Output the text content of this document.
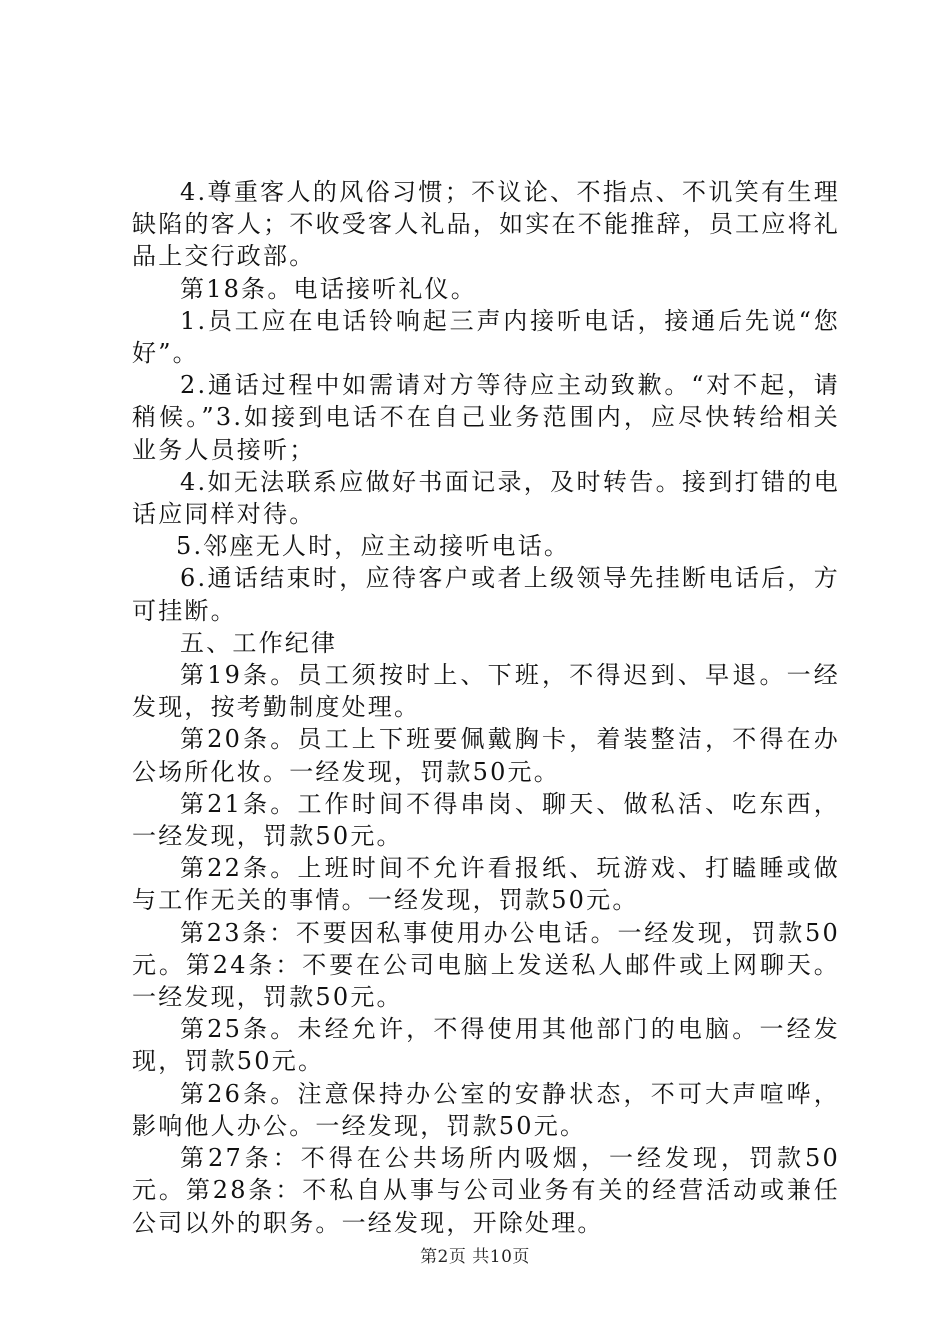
4.尊重客人的风俗习惯；不议论、不指点、不讥笑有生理缺陷的客人；不收受客人礼品，如实在不能推辞，员工应将礼品上交行政部。

第18条。电话接听礼仪。

1.员工应在电话铃响起三声内接听电话，接通后先说“您好”。

2.通话过程中如需请对方等待应主动致歉。“对不起，请稍候。”3.如接到电话不在自己业务范围内，应尽快转给相关业务人员接听；

4.如无法联系应做好书面记录，及时转告。接到打错的电话应同样对待。

5.邻座无人时，应主动接听电话。

6.通话结束时，应待客户或者上级领导先挂断电话后，方可挂断。

五、工作纪律

第19条。员工须按时上、下班，不得迟到、早退。一经发现，按考勤制度处理。

第20条。员工上下班要佩戴胸卡，着装整洁，不得在办公场所化妆。一经发现，罚款50元。

第21条。工作时间不得串岗、聊天、做私活、吃东西，一经发现，罚款50元。

第22条。上班时间不允许看报纸、玩游戏、打瞌睡或做与工作无关的事情。一经发现，罚款50元。

第23条：不要因私事使用办公电话。一经发现，罚款50元。第24条：不要在公司电脑上发送私人邮件或上网聊天。一经发现，罚款50元。

第25条。未经允许，不得使用其他部门的电脑。一经发现，罚款50元。

第26条。注意保持办公室的安静状态，不可大声喧哗，影响他人办公。一经发现，罚款50元。

第27条：不得在公共场所内吸烟，一经发现，罚款50元。第28条：不私自从事与公司业务有关的经营活动或兼任公司以外的职务。一经发现，开除处理。

第2页 共10页
